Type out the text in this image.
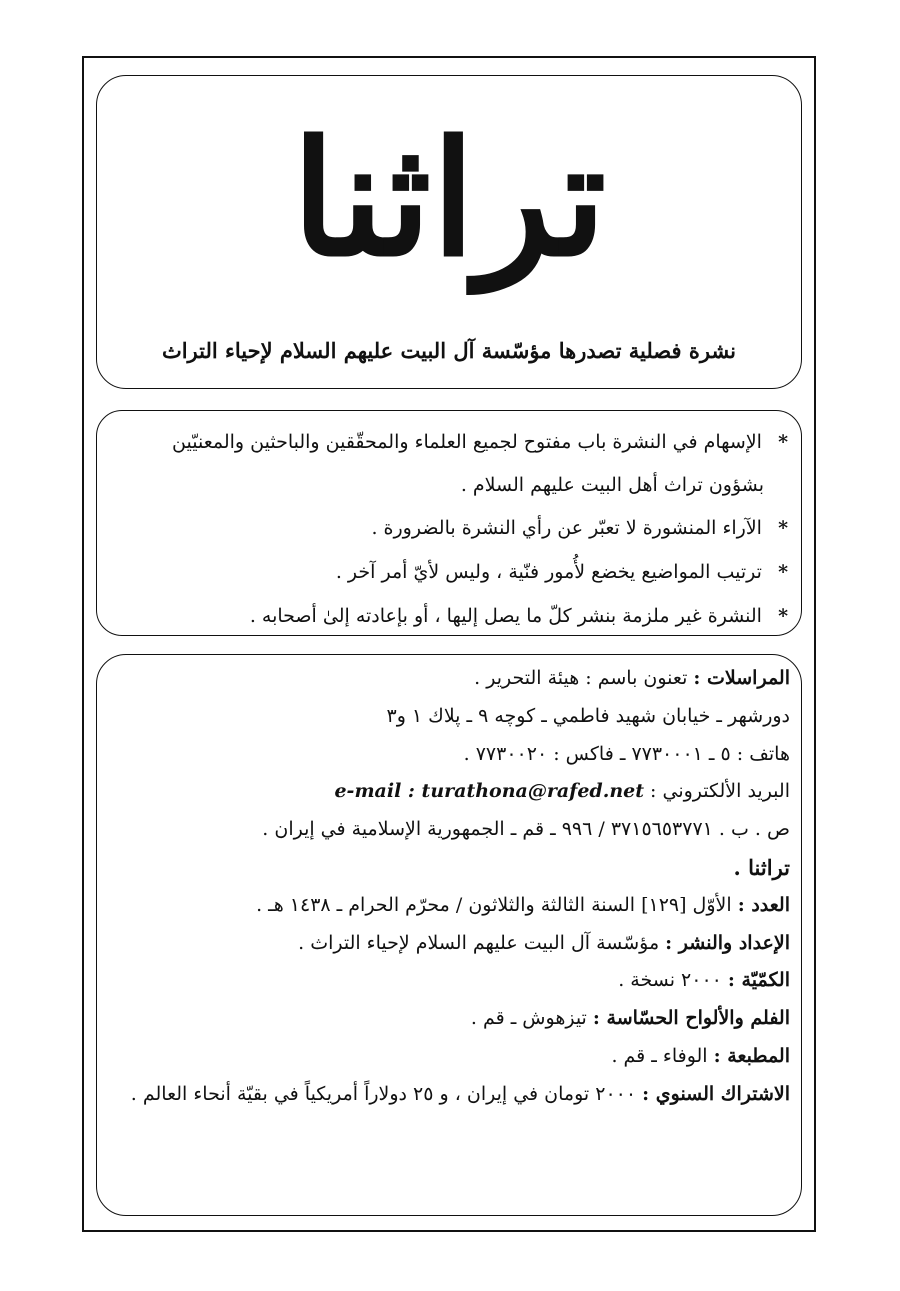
تراثنا
نشرة فصلية تصدرها مؤسّسة آل البيت عليهم السلام لإحياء التراث

* الإسهام في النشرة باب مفتوح لجميع العلماء والمحقّقين والباحثين والمعنيّين

بشؤون تراث أهل البيت عليهم السلام .

* الآراء المنشورة لا تعبّر عن رأي النشرة بالضرورة .

* ترتيب المواضيع يخضع لأُمور فنّية ، وليس لأيّ أمر آخر .

* النشرة غير ملزمة بنشر كلّ ما يصل إليها ، أو بإعادته إلىٰ أصحابه .

المراسلات : تعنون باسم : هيئة التحرير .

دورشهر ـ خيابان شهيد فاطمي ـ كوچه ٩ ـ پلاك ١ و٣

هاتف : ٥ ـ ٧٧٣٠٠٠١ ـ فاكس : ٧٧٣٠٠٢٠ .

البريد الألكتروني : e-mail : turathona@rafed.net

ص . ب . ٣٧١٥٦٥٣٧٧١ / ٩٩٦ ـ قم ـ الجمهورية الإسلامية في إيران .

تراثنا .

العدد : الأوّل [١٢٩] السنة الثالثة والثلاثون / محرّم الحرام ـ ١٤٣٨ هـ .

الإعداد والنشر : مؤسّسة آل البيت عليهم السلام لإحياء التراث .

الكمّيّة : ٢٠٠٠ نسخة .

الفلم والألواح الحسّاسة : تيزهوش ـ قم .

المطبعة : الوفاء ـ قم .

الاشتراك السنوي : ٢٠٠٠ تومان في إيران ، و ٢٥ دولاراً أمريكياً في بقيّة أنحاء العالم .
